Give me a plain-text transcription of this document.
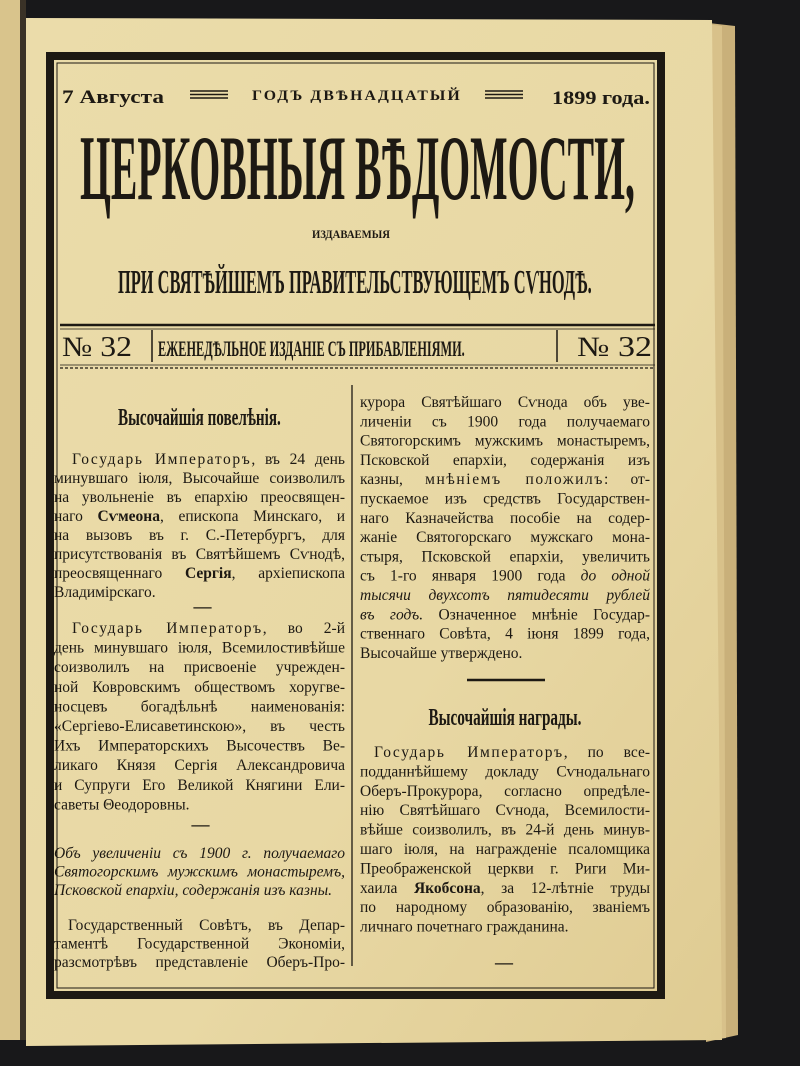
7 Августа	ГОДЪ ДВѢНАДЦАТЫЙ	1899 года.
ЦЕРКОВНЫЯ ВѢДОМОСТИ,
ИЗДАВАЕМЫЯ
ПРИ СВЯТѢЙШЕМЪ ПРАВИТЕЛЬСТВУЮЩЕМЪ СѴНОДѢ.
№ 32 ЕЖЕНЕДѢЛЬНОЕ ИЗДАНІЕ СЪ ПРИБАВЛЕНІЯМИ.	№ 32
Высочайшія повелѣнія.
Государь Императоръ, въ 24 день
минувшаго іюля, Высочайше соизволилъ
на увольненіе въ епархію преосвящен-
наго Сѵмеона, епископа Минскаго, и
на вызовъ въ г. С.-Петербургъ, для
присутствованія въ Святѣйшемъ Сѵнодѣ,
преосвященнаго Сергія, архіепископа
Владимірскаго.
—
Государь Императоръ, во 2-й
день минувшаго іюля, Всемилостивѣйше
соизволилъ на присвоеніе учрежден-
ной Ковровскимъ обществомъ хоругве-
носцевъ богадѣльнѣ наименованія:
«Сергіево-Елисаветинскою», въ честь
Ихъ Императорскихъ Высочествъ Ве-
ликаго Князя Сергія Александровича
и Супруги Его Великой Княгини Ели-
саветы Θеодоровны.
—
Объ увеличеніи съ 1900 г. получаемаго
Святогорскимъ мужскимъ монастыремъ,
Псковской епархіи, содержанія изъ казны.
Государственный Совѣтъ, въ Депар-
таментѣ Государственной Экономіи,
разсмотрѣвъ представленіе Оберъ-Про-
курора Святѣйшаго Сѵнода объ уве-
личеніи съ 1900 года получаемаго
Святогорскимъ мужскимъ монастыремъ,
Псковской епархіи, содержанія изъ
казны, мнѣніемъ положилъ: от-
пускаемое изъ средствъ Государствен-
наго Казначейства пособіе на содер-
жаніе Святогорскаго мужскаго мона-
стыря, Псковской епархіи, увеличить
съ 1-го января 1900 года до одной
тысячи двухсотъ пятидесяти рублей
въ годъ. Означенное мнѣніе Государ-
ственнаго Совѣта, 4 іюня 1899 года,
Высочайше утверждено.
Высочайшія награды.
Государь Императоръ, по все-
подданнѣйшему докладу Сѵнодальнаго
Оберъ-Прокурора, согласно опредѣле-
нію Святѣйшаго Сѵнода, Всемилости-
вѣйше соизволилъ, въ 24-й день минув-
шаго іюля, на награжденіе псаломщика
Преображенской церкви г. Риги Ми-
хаила Якобсона, за 12-лѣтніе труды
по народному образованію, званіемъ
личнаго почетнаго гражданина.
—
